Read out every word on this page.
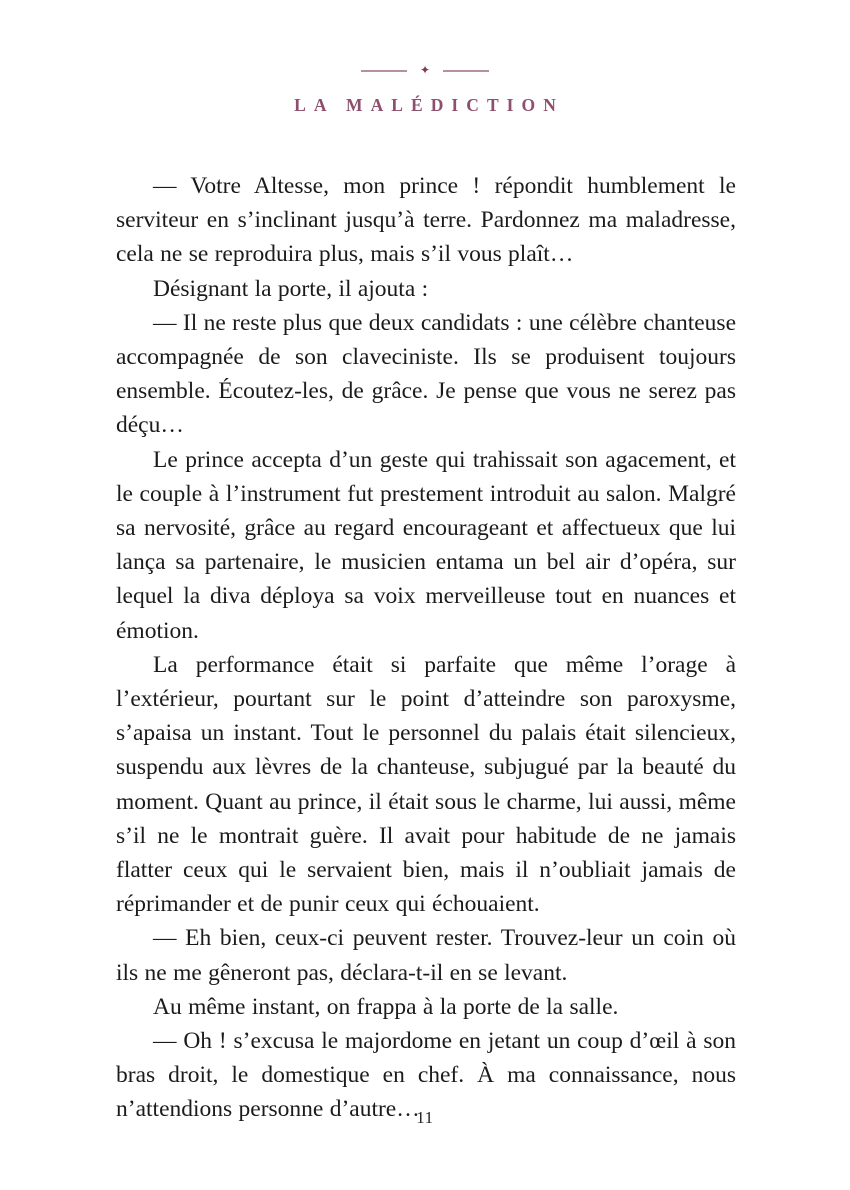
✦
LA MALÉDICTION

— Votre Altesse, mon prince ! répondit humblement le serviteur en s’inclinant jusqu’à terre. Pardonnez ma maladresse, cela ne se reproduira plus, mais s’il vous plaît…

Désignant la porte, il ajouta :

— Il ne reste plus que deux candidats : une célèbre chanteuse accompagnée de son claveciniste. Ils se produisent toujours ensemble. Écoutez-les, de grâce. Je pense que vous ne serez pas déçu…

Le prince accepta d’un geste qui trahissait son agacement, et le couple à l’instrument fut prestement introduit au salon. Malgré sa nervosité, grâce au regard encourageant et affectueux que lui lança sa partenaire, le musicien entama un bel air d’opéra, sur lequel la diva déploya sa voix merveilleuse tout en nuances et émotion.

La performance était si parfaite que même l’orage à l’extérieur, pourtant sur le point d’atteindre son paroxysme, s’apaisa un instant. Tout le personnel du palais était silencieux, suspendu aux lèvres de la chanteuse, subjugué par la beauté du moment. Quant au prince, il était sous le charme, lui aussi, même s’il ne le montrait guère. Il avait pour habitude de ne jamais flatter ceux qui le servaient bien, mais il n’oubliait jamais de réprimander et de punir ceux qui échouaient.

— Eh bien, ceux-ci peuvent rester. Trouvez-leur un coin où ils ne me gêneront pas, déclara-t-il en se levant.

Au même instant, on frappa à la porte de la salle.

— Oh ! s’excusa le majordome en jetant un coup d’œil à son bras droit, le domestique en chef. À ma connaissance, nous n’attendions personne d’autre…

11
